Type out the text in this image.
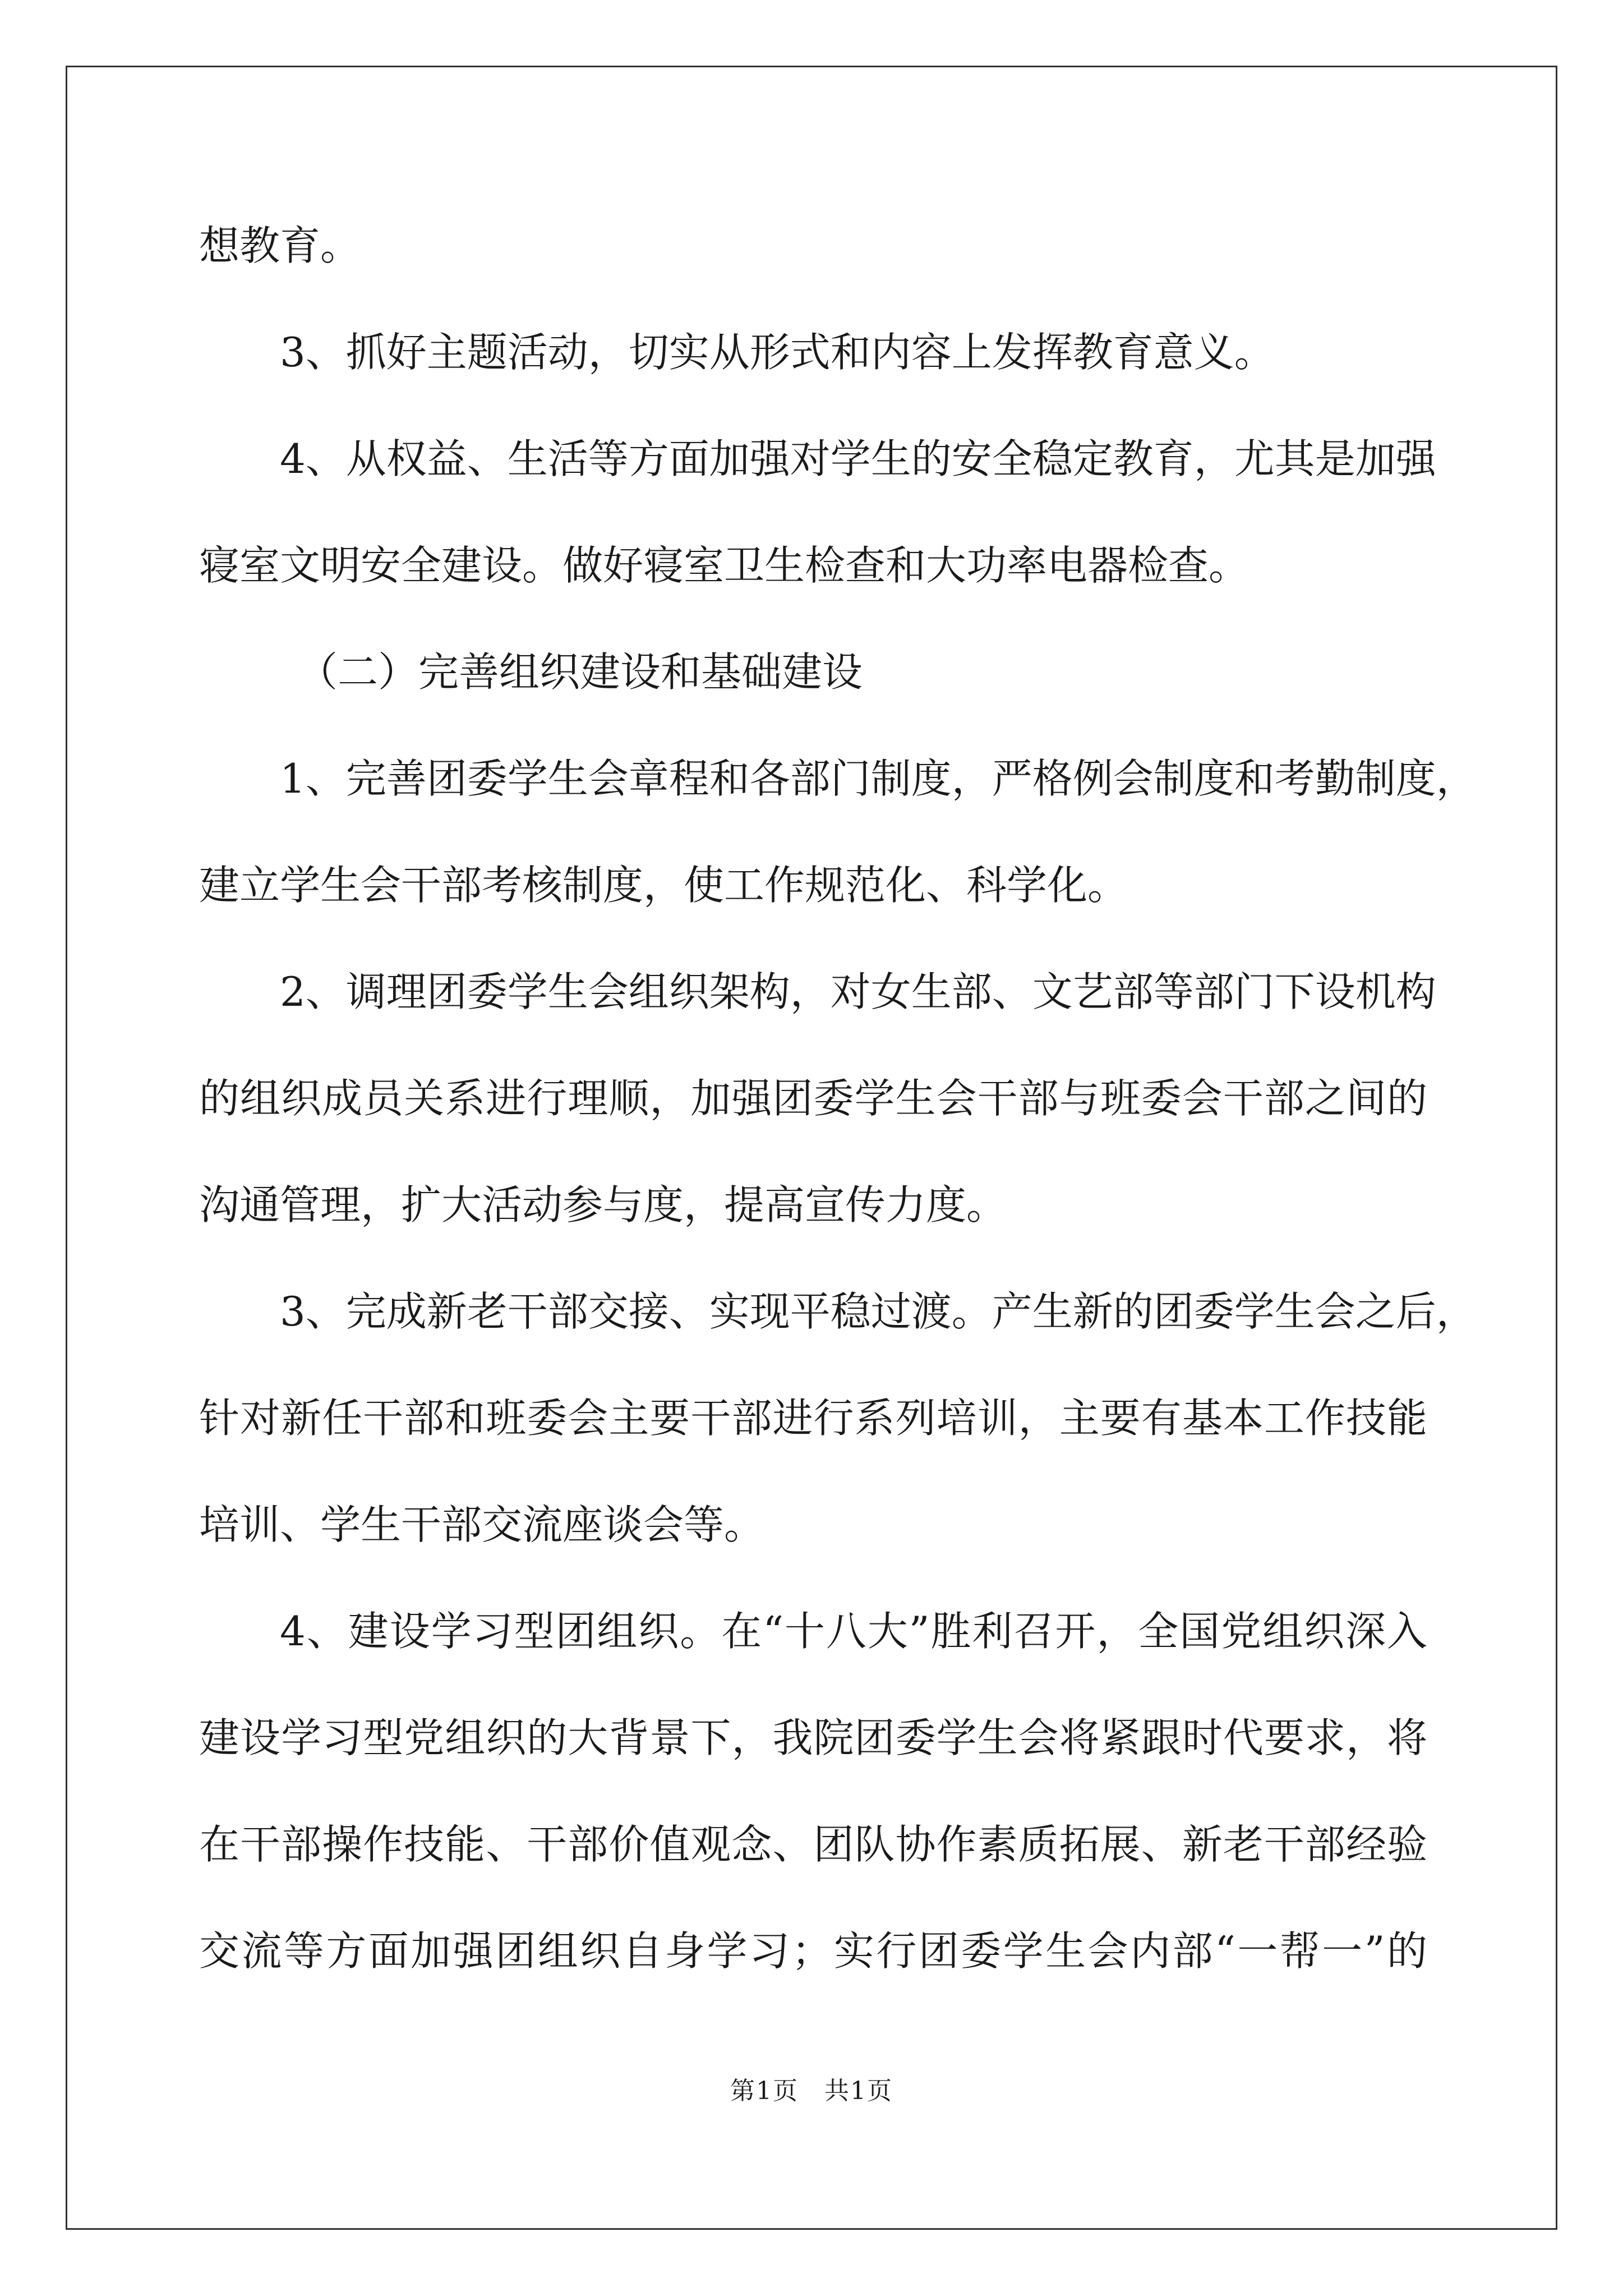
想教育。
3、抓好主题活动，切实从形式和内容上发挥教育意义。
4、从权益、生活等方面加强对学生的安全稳定教育，尤其是加强
寝室文明安全建设。做好寝室卫生检查和大功率电器检查。
（二）完善组织建设和基础建设
1、完善团委学生会章程和各部门制度，严格例会制度和考勤制度，
建立学生会干部考核制度，使工作规范化、科学化。
2、调理团委学生会组织架构，对女生部、文艺部等部门下设机构
的组织成员关系进行理顺，加强团委学生会干部与班委会干部之间的
沟通管理，扩大活动参与度，提高宣传力度。
3、完成新老干部交接、实现平稳过渡。产生新的团委学生会之后，
针对新任干部和班委会主要干部进行系列培训，主要有基本工作技能
培训、学生干部交流座谈会等。
4、建设学习型团组织。在“十八大”胜利召开，全国党组织深入
建设学习型党组织的大背景下，我院团委学生会将紧跟时代要求，将
在干部操作技能、干部价值观念、团队协作素质拓展、新老干部经验
交流等方面加强团组织自身学习；实行团委学生会内部“一帮一”的
第1页　共1页
